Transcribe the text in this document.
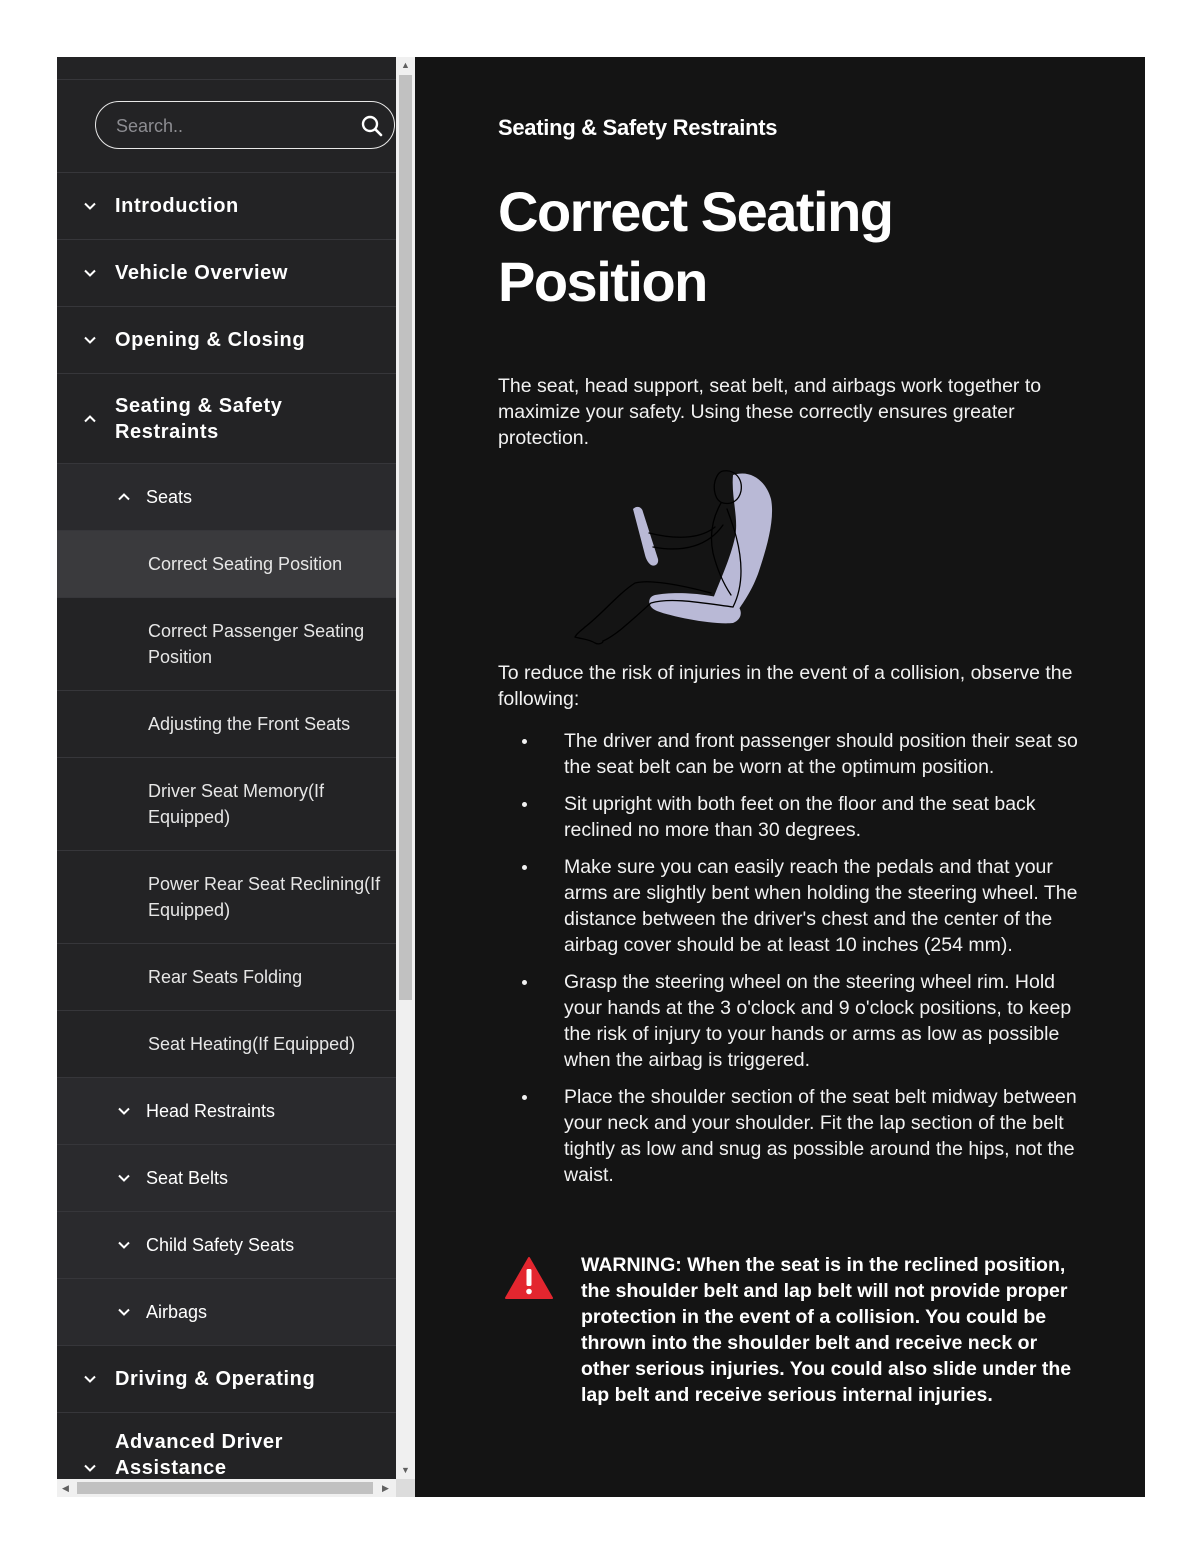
Search..
Introduction
Vehicle Overview
Opening & Closing
Seating & Safety Restraints
Seats
Correct Seating Position
Correct Passenger Seating Position
Adjusting the Front Seats
Driver Seat Memory(If Equipped)
Power Rear Seat Reclining(If Equipped)
Rear Seats Folding
Seat Heating(If Equipped)
Head Restraints
Seat Belts
Child Safety Seats
Airbags
Driving & Operating
Advanced Driver Assistance
▲
▼
◀	▶
Seating & Safety Restraints
Correct Seating Position

The seat, head support, seat belt, and airbags work together to maximize your safety. Using these correctly ensures greater protection.

To reduce the risk of injuries in the event of a collision, observe the following:

The driver and front passenger should position their seat so the seat belt can be worn at the optimum position.
Sit upright with both feet on the floor and the seat back reclined no more than 30 degrees.
Make sure you can easily reach the pedals and that your arms are slightly bent when holding the steering wheel. The distance between the driver's chest and the center of the airbag cover should be at least 10 inches (254 mm).
Grasp the steering wheel on the steering wheel rim. Hold your hands at the 3 o'clock and 9 o'clock positions, to keep the risk of injury to your hands or arms as low as possible when the airbag is triggered.
Place the shoulder section of the seat belt midway between your neck and your shoulder. Fit the lap section of the belt tightly as low and snug as possible around the hips, not the waist.
WARNING: When the seat is in the reclined position, the shoulder belt and lap belt will not provide proper protection in the event of a collision. You could be thrown into the shoulder belt and receive neck or other serious injuries. You could also slide under the lap belt and receive serious internal injuries.
